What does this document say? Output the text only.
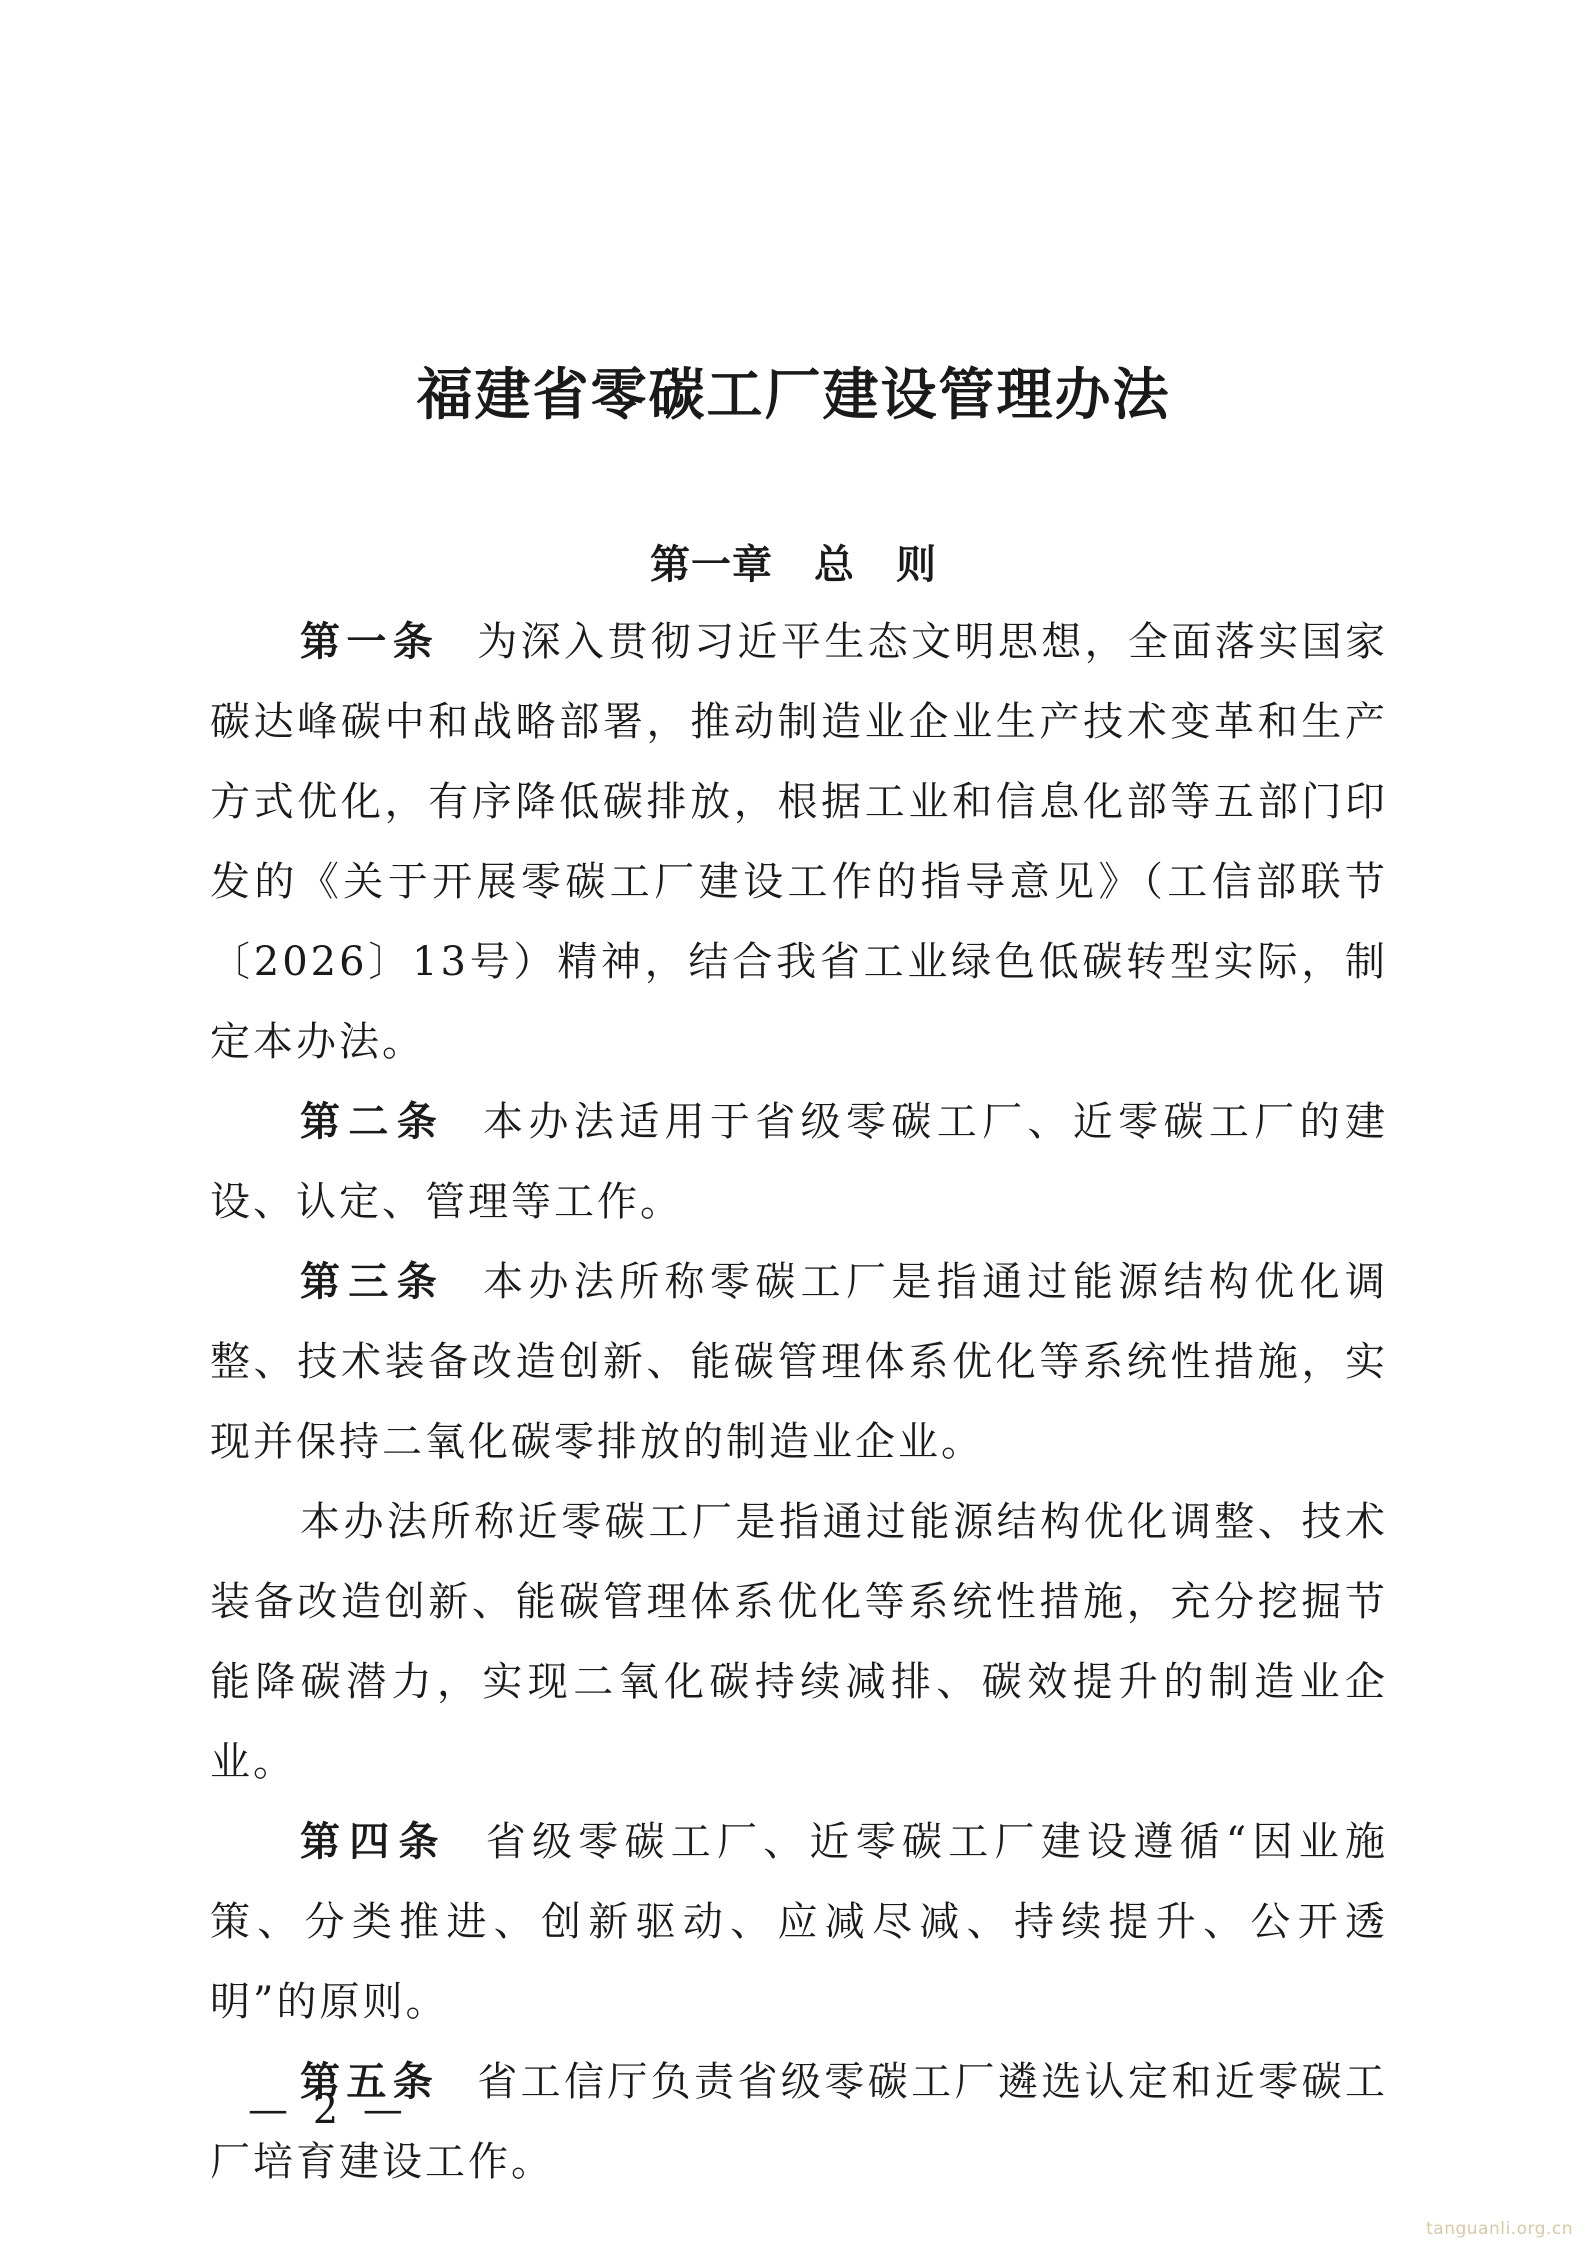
福建省零碳工厂建设管理办法
第一章　总　则

第一条 为深入贯彻习近平生态文明思想，全面落实国家碳达峰碳中和战略部署，推动制造业企业生产技术变革和生产方式优化，有序降低碳排放，根据工业和信息化部等五部门印发的《关于开展零碳工厂建设工作的指导意见》（工信部联节〔2026〕13号）精神，结合我省工业绿色低碳转型实际，制定本办法。

第二条 本办法适用于省级零碳工厂、近零碳工厂的建设、认定、管理等工作。

第三条 本办法所称零碳工厂是指通过能源结构优化调整、技术装备改造创新、能碳管理体系优化等系统性措施，实现并保持二氧化碳零排放的制造业企业。

本办法所称近零碳工厂是指通过能源结构优化调整、技术装备改造创新、能碳管理体系优化等系统性措施，充分挖掘节能降碳潜力，实现二氧化碳持续减排、碳效提升的制造业企业。

第四条 省级零碳工厂、近零碳工厂建设遵循“因业施策、分类推进、创新驱动、应减尽减、持续提升、公开透明”的原则。

第五条 省工信厅负责省级零碳工厂遴选认定和近零碳工厂培育建设工作。

— 2 —
tanguanli.org.cn
